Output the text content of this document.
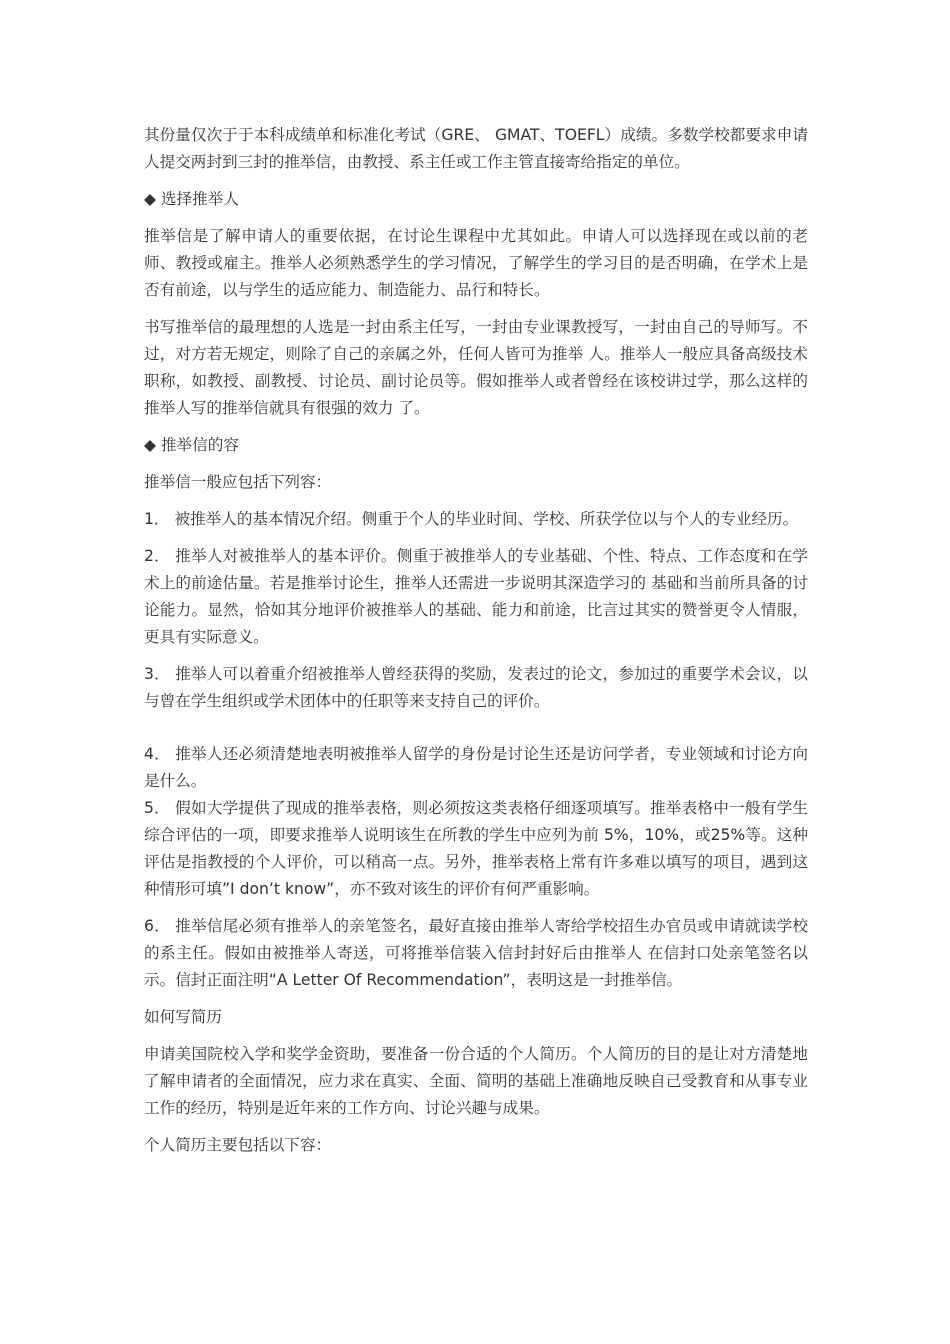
其份量仅次于于本科成绩单和标准化考试（GRE、 GMAT、TOEFL）成绩。多数学校都要求申请人提交两封到三封的推举信，由教授、系主任或工作主管直接寄给指定的单位。

◆ 选择推举人

推举信是了解申请人的重要依据，在讨论生课程中尤其如此。申请人可以选择现在或以前的老师、教授或雇主。推举人必须熟悉学生的学习情况，了解学生的学习目的是否明确，在学术上是否有前途，以与学生的适应能力、制造能力、品行和特长。

书写推举信的最理想的人选是一封由系主任写，一封由专业课教授写，一封由自己的导师写。不过，对方若无规定，则除了自己的亲属之外，任何人皆可为推举 人。推举人一般应具备高级技术职称，如教授、副教授、讨论员、副讨论员等。假如推举人或者曾经在该校讲过学，那么这样的推举人写的推举信就具有很强的效力 了。

◆ 推举信的容

推举信一般应包括下列容：

1． 被推举人的基本情况介绍。侧重于个人的毕业时间、学校、所获学位以与个人的专业经历。

2． 推举人对被推举人的基本评价。侧重于被推举人的专业基础、个性、特点、工作态度和在学术上的前途估量。若是推举讨论生，推举人还需进一步说明其深造学习的 基础和当前所具备的讨论能力。显然，恰如其分地评价被推举人的基础、能力和前途，比言过其实的赞誉更令人情服，更具有实际意义。

3． 推举人可以着重介绍被推举人曾经获得的奖励，发表过的论文，参加过的重要学术会议，以与曾在学生组织或学术团体中的任职等来支持自己的评价。

4． 推举人还必须清楚地表明被推举人留学的身份是讨论生还是访问学者，专业领域和讨论方向是什么。

5． 假如大学提供了现成的推举表格，则必须按这类表格仔细逐项填写。推举表格中一般有学生综合评估的一项，即要求推举人说明该生在所教的学生中应列为前 5%，10%，或25%等。这种评估是指教授的个人评价，可以稍高一点。另外，推举表格上常有许多难以填写的项目，遇到这种情形可填”I don’t know”，亦不致对该生的评价有何严重影响。

6． 推举信尾必须有推举人的亲笔签名，最好直接由推举人寄给学校招生办官员或申请就读学校的系主任。假如由被推举人寄送，可将推举信装入信封封好后由推举人 在信封口处亲笔签名以示。信封正面注明“A Letter Of Recommendation”，表明这是一封推举信。

如何写简历

申请美国院校入学和奖学金资助，要准备一份合适的个人简历。个人简历的目的是让对方清楚地了解申请者的全面情况，应力求在真实、全面、简明的基础上准确地反映自己受教育和从事专业工作的经历，特别是近年来的工作方向、讨论兴趣与成果。

个人简历主要包括以下容：
